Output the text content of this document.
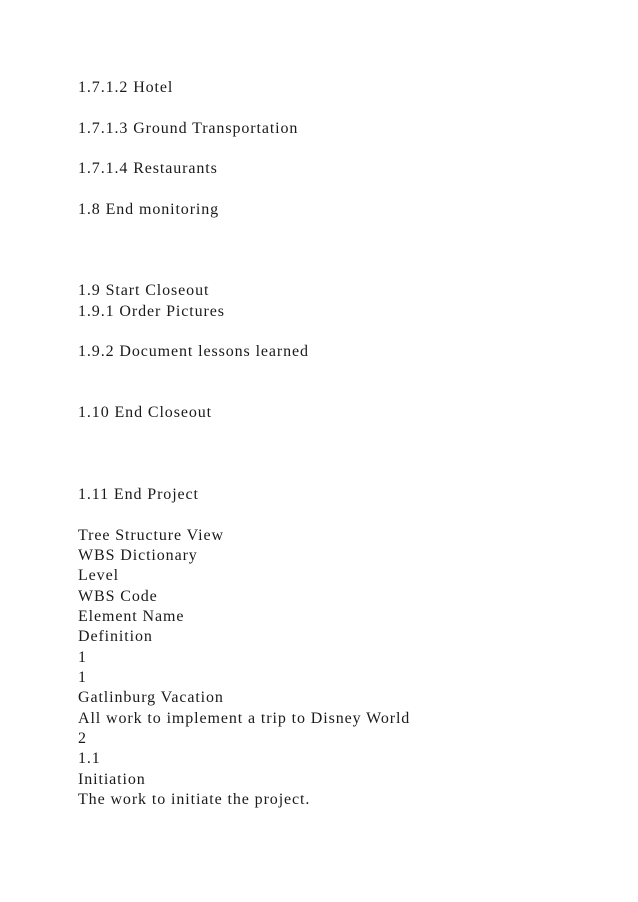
1.7.1.2 Hotel
1.7.1.3 Ground Transportation
1.7.1.4 Restaurants
1.8 End monitoring
1.9 Start Closeout
1.9.1 Order Pictures
1.9.2 Document lessons learned
1.10 End Closeout
1.11 End Project
Tree Structure View
WBS Dictionary
Level
WBS Code
Element Name
Definition
1
1
Gatlinburg Vacation
All work to implement a trip to Disney World
2
1.1
Initiation
The work to initiate the project.
